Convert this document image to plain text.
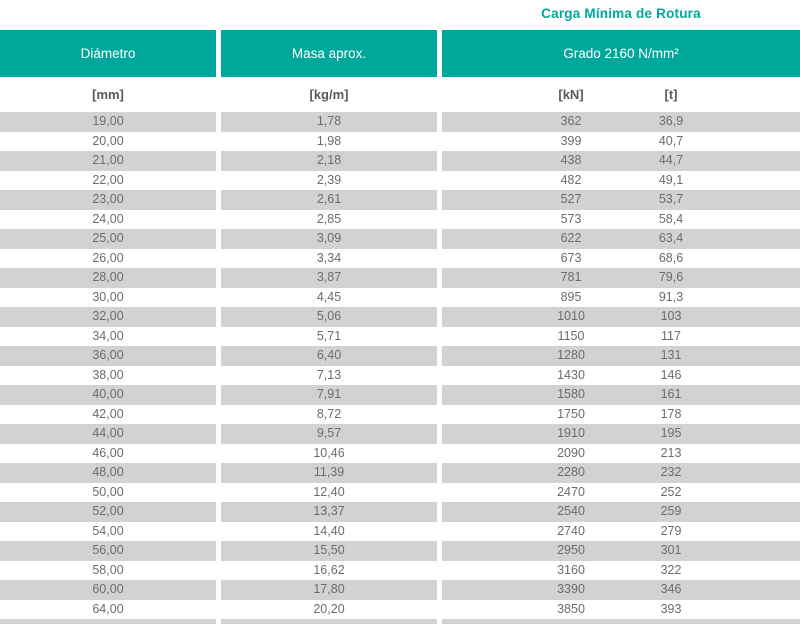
Carga Mínima de Rotura
Diámetro	Masa aprox.	Grado 2160 N/mm²
[mm]	[kg/m]	[kN]	[t]
19,00	1,78	362	36,9
20,00	1,98	399	40,7
21,00	2,18	438	44,7
22,00	2,39	482	49,1
23,00	2,61	527	53,7
24,00	2,85	573	58,4
25,00	3,09	622	63,4
26,00	3,34	673	68,6
28,00	3,87	781	79,6
30,00	4,45	895	91,3
32,00	5,06	1010	103
34,00	5,71	1150	117
36,00	6,40	1280	131
38,00	7,13	1430	146
40,00	7,91	1580	161
42,00	8,72	1750	178
44,00	9,57	1910	195
46,00	10,46	2090	213
48,00	11,39	2280	232
50,00	12,40	2470	252
52,00	13,37	2540	259
54,00	14,40	2740	279
56,00	15,50	2950	301
58,00	16,62	3160	322
60,00	17,80	3390	346
64,00	20,20	3850	393
